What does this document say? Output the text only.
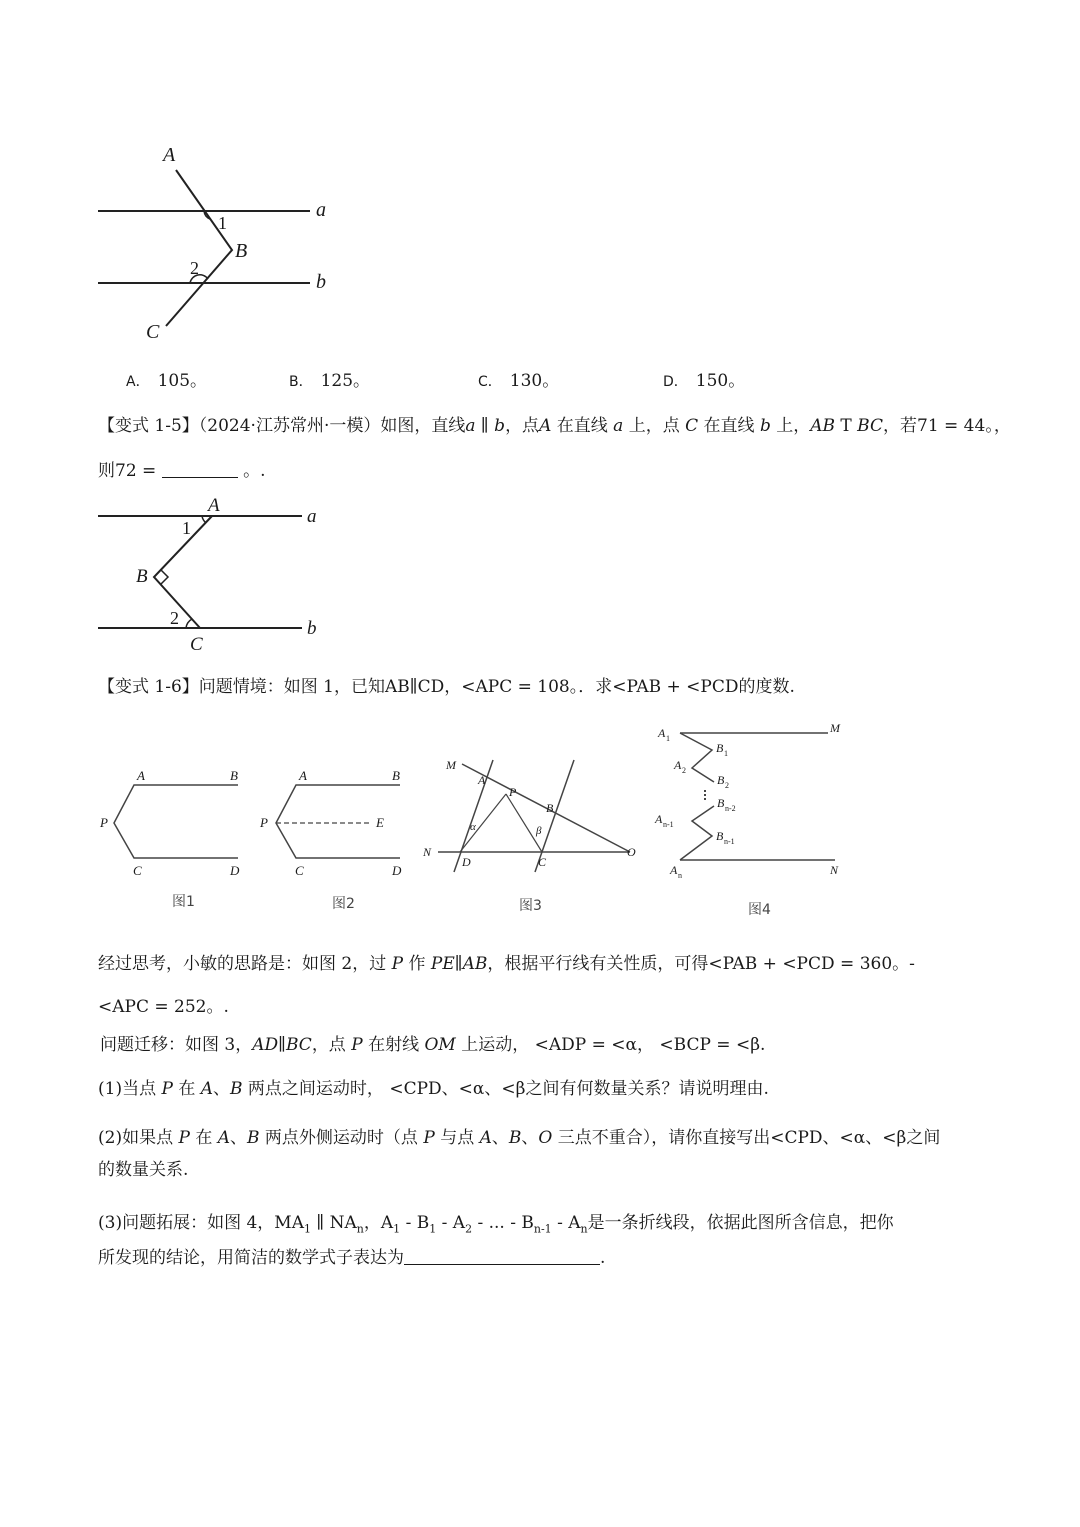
A
B
C
a
b
1
2
A． 105。	B． 125。	C． 130。	D． 150。
【变式 1-5】（2024·江苏常州·一模）如图，直线a ∥ b，点A 在直线 a 上，点 C 在直线 b 上，AB T BC，若71 = 44。，
则72 =	。.
A
B
C
a
b
1
2
【变式 1-6】问题情境：如图 1，已知AB∥CD，<APC = 108。．求<PAB + <PCD的度数.
A	B
P
C	D
图1
A	B
P	E
C	D
图2
M
A
P
B
N
D	C
O
α	β
图3
A 1
M
B 1
A 2
B 2
B n-2
A n-1
B n-1
A n	N
图4
经过思考，小敏的思路是：如图 2，过 P 作 PE∥AB，根据平行线有关性质，可得<PAB + <PCD = 360。-
<APC = 252。.
问题迁移：如图 3，AD∥BC，点 P 在射线 OM 上运动， <ADP = <α， <BCP = <β.
(1)当点 P 在 A、B 两点之间运动时， <CPD、<α、<β之间有何数量关系？请说明理由.
(2)如果点 P 在 A、B 两点外侧运动时（点 P 与点 A、B、O 三点不重合），请你直接写出<CPD、<α、<β之间
的数量关系.
(3)问题拓展：如图 4，$MA_1$ ∥ $NA_n$，$A_1 - B_1 - A_2$ - ... - $B_{n-1} - A_n$是一条折线段，依据此图所含信息，把你
所发现的结论，用简洁的数学式子表达为	.
